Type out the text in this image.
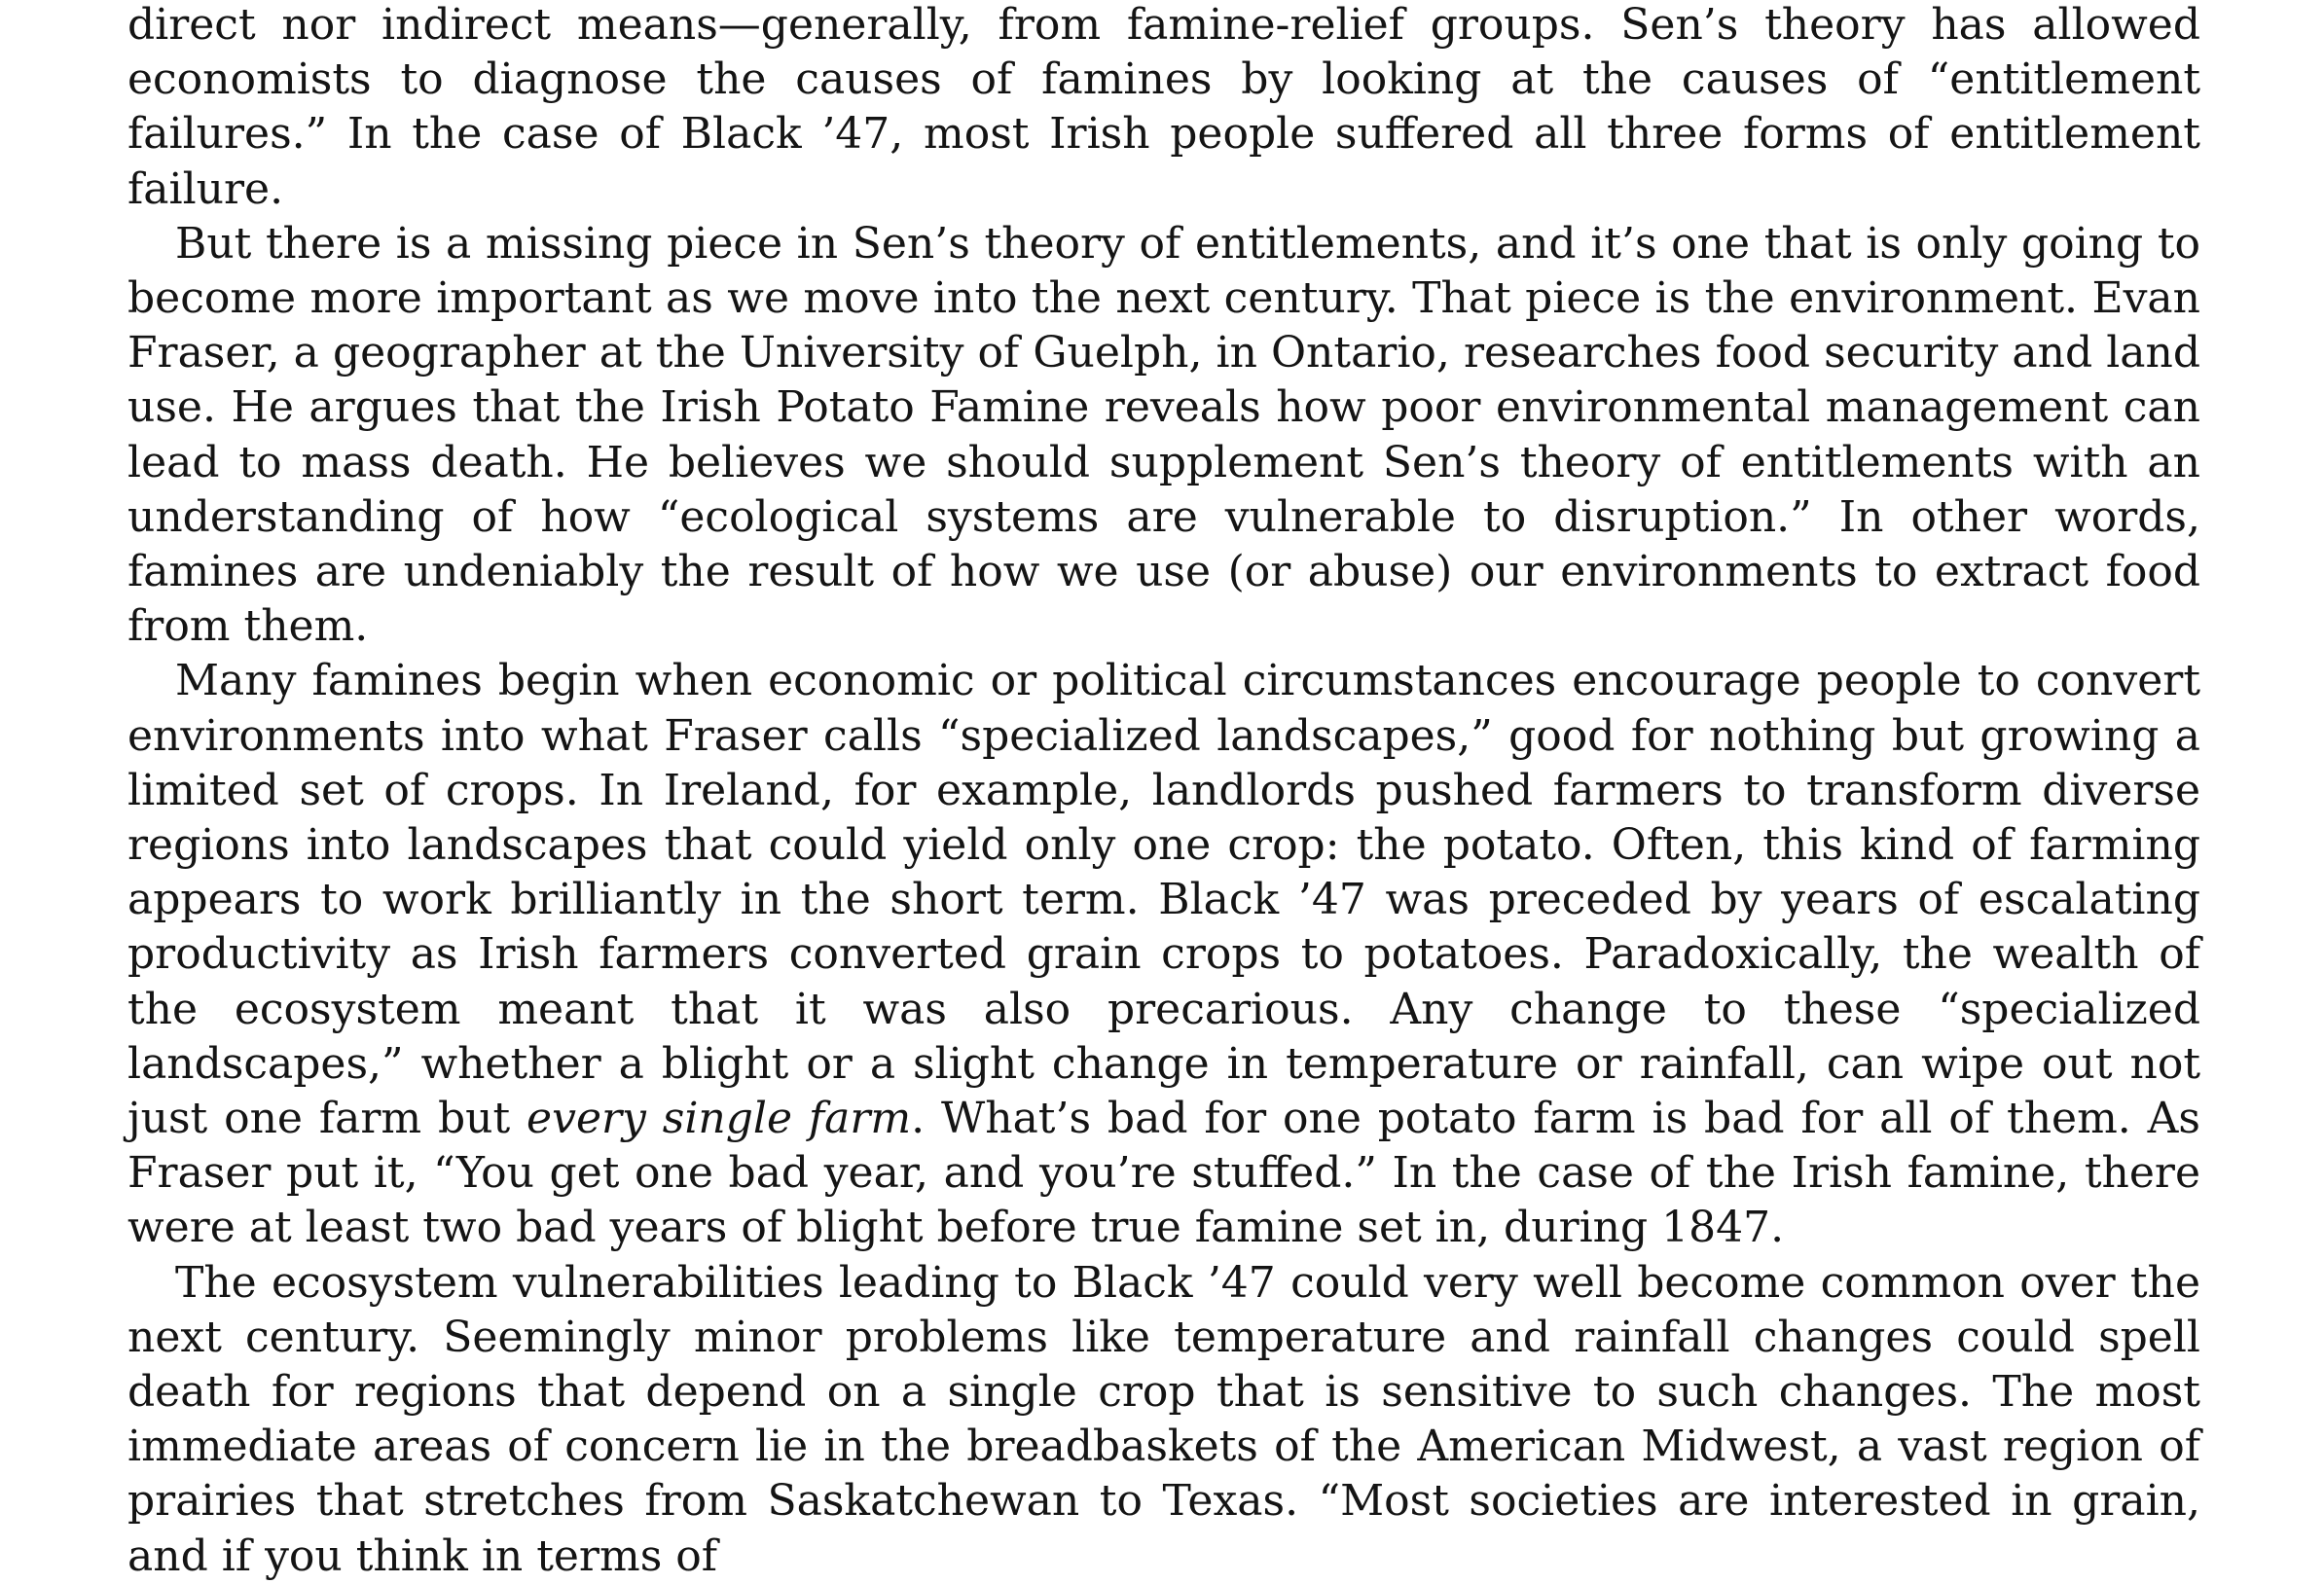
direct nor indirect means—generally, from famine-relief groups. Sen’s theory has allowed economists to diagnose the causes of famines by looking at the causes of “entitlement failures.” In the case of Black ’47, most Irish people suffered all three forms of entitlement failure.

But there is a missing piece in Sen’s theory of entitlements, and it’s one that is only going to become more important as we move into the next century. That piece is the environment. Evan Fraser, a geographer at the University of Guelph, in Ontario, researches food security and land use. He argues that the Irish Potato Famine reveals how poor environmental management can lead to mass death. He believes we should supplement Sen’s theory of entitlements with an understanding of how “ecological systems are vulnerable to disruption.” In other words, famines are undeniably the result of how we use (or abuse) our environments to extract food from them.

Many famines begin when economic or political circumstances encourage people to convert environments into what Fraser calls “specialized landscapes,” good for nothing but growing a limited set of crops. In Ireland, for example, landlords pushed farmers to transform diverse regions into landscapes that could yield only one crop: the potato. Often, this kind of farming appears to work brilliantly in the short term. Black ’47 was preceded by years of escalating productivity as Irish farmers converted grain crops to potatoes. Paradoxically, the wealth of the ecosystem meant that it was also precarious. Any change to these “specialized landscapes,” whether a blight or a slight change in temperature or rainfall, can wipe out not just one farm but every single farm. What’s bad for one potato farm is bad for all of them. As Fraser put it, “You get one bad year, and you’re stuffed.” In the case of the Irish famine, there were at least two bad years of blight before true famine set in, during 1847.

The ecosystem vulnerabilities leading to Black ’47 could very well become common over the next century. Seemingly minor problems like temperature and rainfall changes could spell death for regions that depend on a single crop that is sensitive to such changes. The most immediate areas of concern lie in the breadbaskets of the American Midwest, a vast region of prairies that stretches from Saskatchewan to Texas. “Most societies are interested in grain, and if you think in terms of
